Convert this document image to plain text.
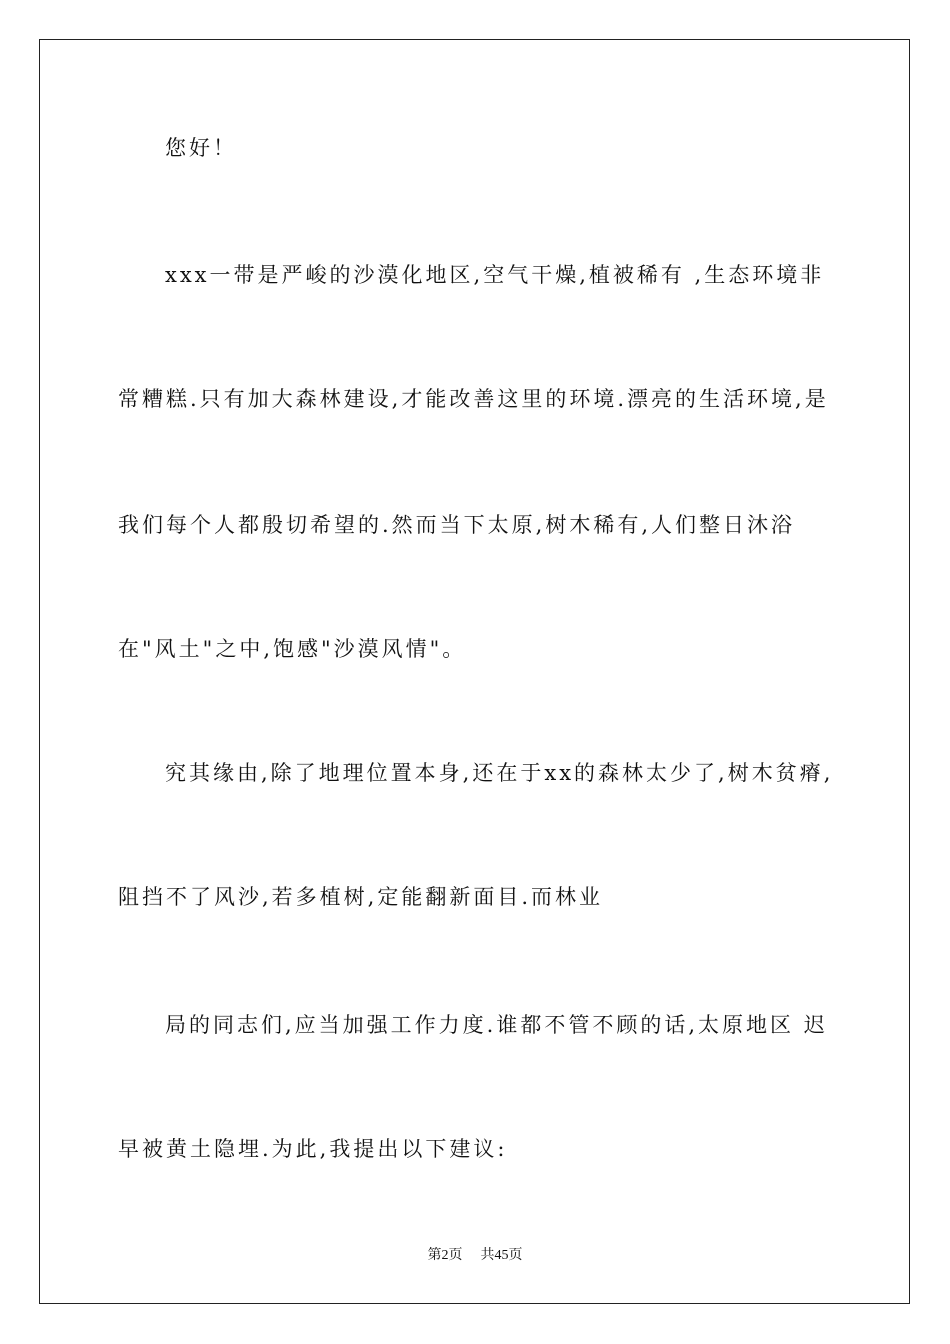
您好！
xxx一带是严峻的沙漠化地区,空气干燥,植被稀有 ,生态环境非
常糟糕.只有加大森林建设,才能改善这里的环境.漂亮的生活环境,是
我们每个人都殷切希望的.然而当下太原,树木稀有,人们整日沐浴
在"风土"之中,饱感"沙漠风情"。
究其缘由,除了地理位置本身,还在于xx的森林太少了,树木贫瘠,
阻挡不了风沙,若多植树,定能翻新面目.而林业
局的同志们,应当加强工作力度.谁都不管不顾的话,太原地区 迟
早被黄土隐埋.为此,我提出以下建议:
第2页 共45页
